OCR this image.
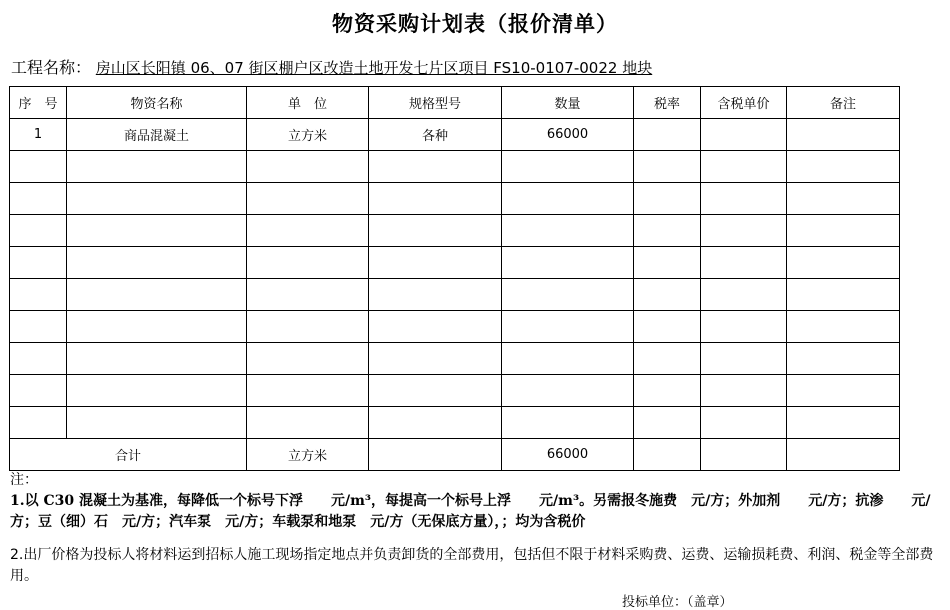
物资采购计划表（报价清单）
工程名称： 房山区长阳镇 06、07 街区棚户区改造土地开发七片区项目 FS10-0107-0022 地块
序　号	物资名称	单　位	规格型号	数量	税率	含税单价	备注
1	商品混凝土	立方米	各种	66000			

合计		立方米		66000			

注：

1.以 C30 混凝土为基准，每降低一个标号下浮　　元/m³，每提高一个标号上浮　　元/m³。另需报冬施费　元/方；外加剂　　元/方；抗渗　　元/方；豆（细）石　元/方；汽车泵　元/方；车载泵和地泵　元/方（无保底方量），；均为含税价

2.出厂价格为投标人将材料运到招标人施工现场指定地点并负责卸货的全部费用，包括但不限于材料采购费、运费、运输损耗费、利润、税金等全部费用。

投标单位：（盖章）
